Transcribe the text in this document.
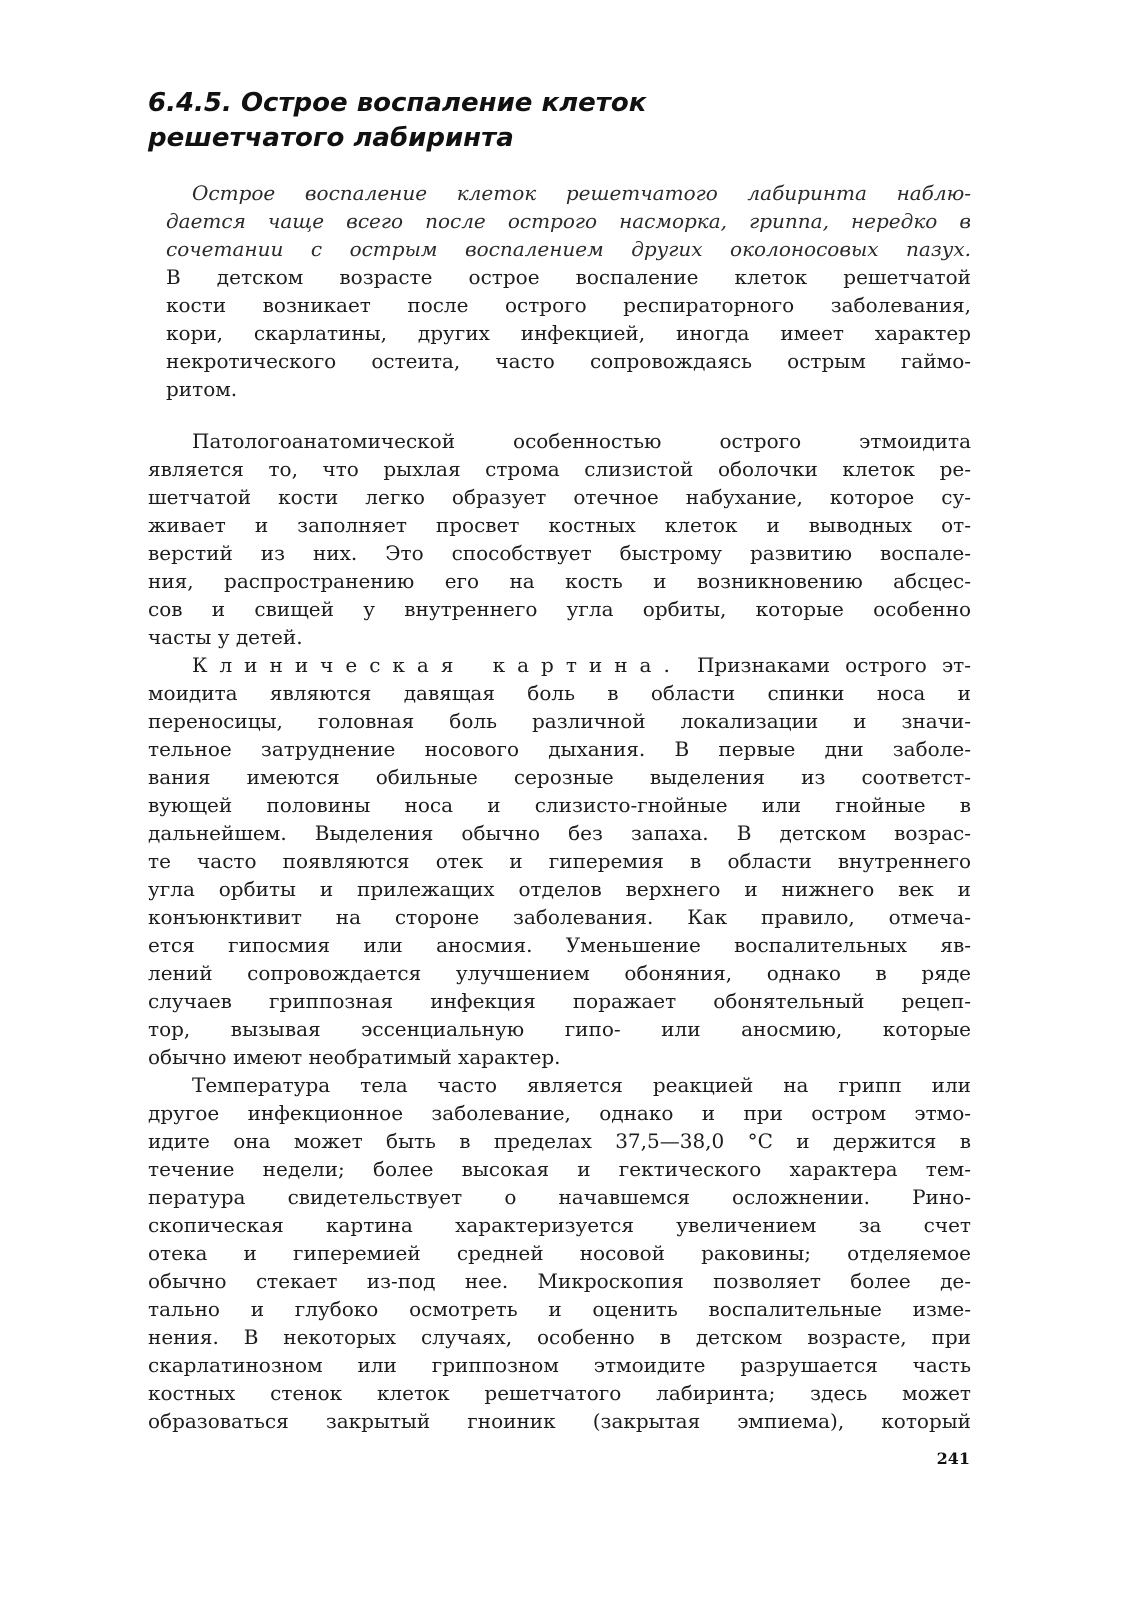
6.4.5. Острое воспаление клеток
решетчатого лабиринта
Острое воспаление клеток решетчатого лабиринта наблю-
дается чаще всего после острого насморка, гриппа, нередко в
сочетании с острым воспалением других околоносовых пазух.
В детском возрасте острое воспаление клеток решетчатой
кости возникает после острого респираторного заболевания,
кори, скарлатины, других инфекцией, иногда имеет характер
некротического остеита, часто сопровождаясь острым гаймо-
ритом.
Патологоанатомической особенностью острого этмоидита
является то, что рыхлая строма слизистой оболочки клеток ре-
шетчатой кости легко образует отечное набухание, которое су-
живает и заполняет просвет костных клеток и выводных от-
верстий из них. Это способствует быстрому развитию воспале-
ния, распространению его на кость и возникновению абсцес-
сов и свищей у внутреннего угла орбиты, которые особенно
часты у детей.
Клиническая картина. Признаками острого эт-
моидита являются давящая боль в области спинки носа и
переносицы, головная боль различной локализации и значи-
тельное затруднение носового дыхания. В первые дни заболе-
вания имеются обильные серозные выделения из соответст-
вующей половины носа и слизисто-гнойные или гнойные в
дальнейшем. Выделения обычно без запаха. В детском возрас-
те часто появляются отек и гиперемия в области внутреннего
угла орбиты и прилежащих отделов верхнего и нижнего век и
конъюнктивит на стороне заболевания. Как правило, отмеча-
ется гипосмия или аносмия. Уменьшение воспалительных яв-
лений сопровождается улучшением обоняния, однако в ряде
случаев гриппозная инфекция поражает обонятельный рецеп-
тор, вызывая эссенциальную гипо- или аносмию, которые
обычно имеют необратимый характер.
Температура тела часто является реакцией на грипп или
другое инфекционное заболевание, однако и при остром этмо-
идите она может быть в пределах 37,5—38,0 °С и держится в
течение недели; более высокая и гектического характера тем-
пература свидетельствует о начавшемся осложнении. Рино-
скопическая картина характеризуется увеличением за счет
отека и гиперемией средней носовой раковины; отделяемое
обычно стекает из-под нее. Микроскопия позволяет более де-
тально и глубоко осмотреть и оценить воспалительные изме-
нения. В некоторых случаях, особенно в детском возрасте, при
скарлатинозном или гриппозном этмоидите разрушается часть
костных стенок клеток решетчатого лабиринта; здесь может
образоваться закрытый гноиник (закрытая эмпиема), который
241
